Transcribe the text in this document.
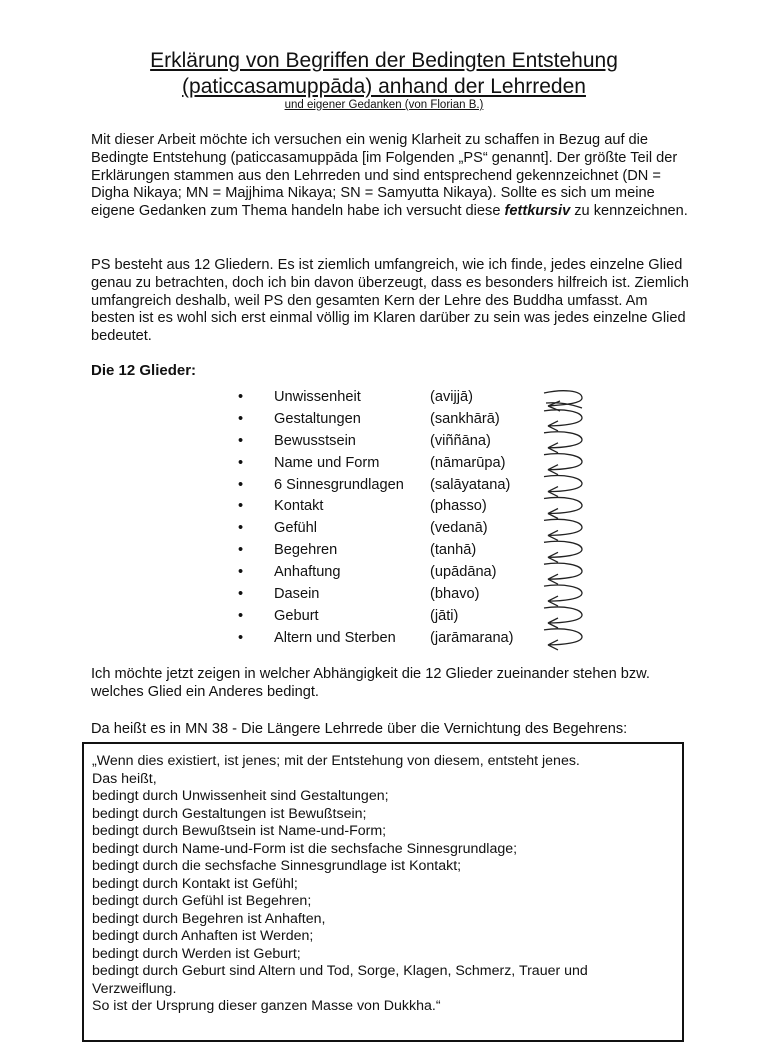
Erklärung von Begriffen der Bedingten Entstehung
(paticcasamuppāda) anhand der Lehrreden
und eigener Gedanken (von Florian B.)

Mit dieser Arbeit möchte ich versuchen ein wenig Klarheit zu schaffen in Bezug auf die Bedingte Entstehung (paticcasamuppāda [im Folgenden „PS“ genannt]. Der größte Teil der Erklärungen stammen aus den Lehrreden und sind entsprechend gekennzeichnet (DN = Digha Nikaya; MN = Majjhima Nikaya; SN = Samyutta Nikaya). Sollte es sich um meine eigene Gedanken zum Thema handeln habe ich versucht diese fettkursiv zu kennzeichnen.

PS besteht aus 12 Gliedern. Es ist ziemlich umfangreich, wie ich finde, jedes einzelne Glied genau zu betrachten, doch ich bin davon überzeugt, dass es besonders hilfreich ist. Ziemlich umfangreich deshalb, weil PS den gesamten Kern der Lehre des Buddha umfasst. Am besten ist es wohl sich erst einmal völlig im Klaren darüber zu sein was jedes einzelne Glied bedeutet.

Die 12 Glieder:

•	Unwissenheit	(avijjā)
•	Gestaltungen	(sankhārā)
•	Bewusstsein	(viññāna)
•	Name und Form	(nāmarūpa)
•	6 Sinnesgrundlagen (salāyatana)
•	Kontakt	(phasso)
•	Gefühl	(vedanā)
•	Begehren	(tanhā)
•	Anhaftung	(upādāna)
•	Dasein	(bhavo)
•	Geburt	(jāti)
•	Altern und Sterben (jarāmarana)

Ich möchte jetzt zeigen in welcher Abhängigkeit die 12 Glieder zueinander stehen bzw. welches Glied ein Anderes bedingt.

Da heißt es in MN 38 - Die Längere Lehrrede über die Vernichtung des Begehrens:

„Wenn dies existiert, ist jenes; mit der Entstehung von diesem, entsteht jenes.
Das heißt,
bedingt durch Unwissenheit sind Gestaltungen;
bedingt durch Gestaltungen ist Bewußtsein;
bedingt durch Bewußtsein ist Name-und-Form;
bedingt durch Name-und-Form ist die sechsfache Sinnesgrundlage;
bedingt durch die sechsfache Sinnesgrundlage ist Kontakt;
bedingt durch Kontakt ist Gefühl;
bedingt durch Gefühl ist Begehren;
bedingt durch Begehren ist Anhaften,
bedingt durch Anhaften ist Werden;
bedingt durch Werden ist Geburt;
bedingt durch Geburt sind Altern und Tod, Sorge, Klagen, Schmerz, Trauer und
Verzweiflung.
So ist der Ursprung dieser ganzen Masse von Dukkha.“
